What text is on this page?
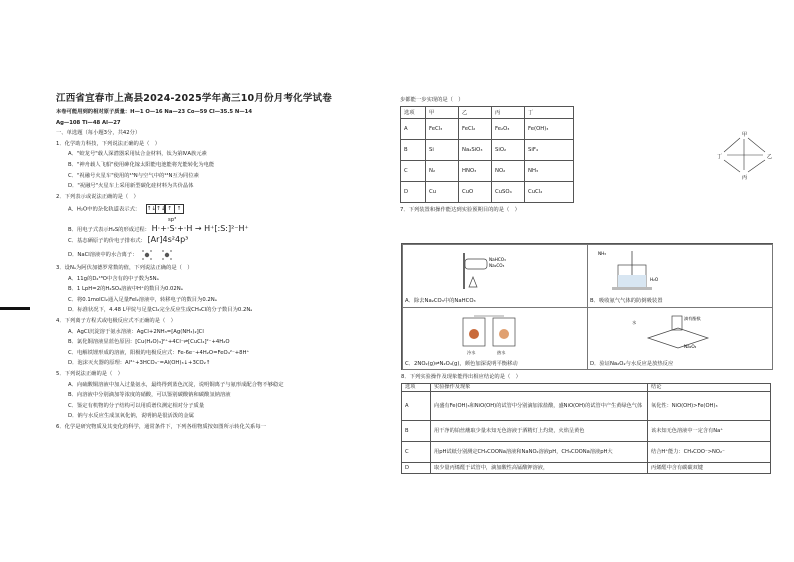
江西省宜春市上高县2024-2025学年高三10月份月考化学试卷
本卷可能用到的相对原子质量：H—1 O—16 Na—23 Co—59 Cl—35.5 N—14
Ag—108 Ti—48 Al—27
一、单选题（每小题3分，共42分）
1．化学助力科技，下列说法正确的是（　）
A．"蛟龙号"载人深潜器采用钛合金材料，钛为第ⅣA族元素
B．"神舟载人飞船"使用砷化镓太阳能电池能将光能转化为电能
C．"祝融号火星车"使用的¹⁵N与空气中的¹⁴N互为同位素
D．"祝融号"火星车上采用新型碳化硅材料为共价晶体
2．下列表示或说法正确的是（　）
A．H₂O中的杂化轨道表示式： ↑↓↑↓ ↑ ↑
sp³
B．用电子式表示H₂S的形成过程： H·+·S·+·H → H⁺[:S:]²⁻H⁺
C．基态硒原子的价电子排布式： [Ar]4s²4p³
D．NaCl溶液中的水合离子：
3．设Nₐ为阿伏加德罗常数的值，下列说法正确的是（　）
A．11g的D₂¹⁸O中含有的中子数为5Nₐ
B．1 LpH=2的H₂SO₄溶液中H⁺的数目为0.02Nₐ
C．将0.1molCl₂通入足量FeI₂溶液中，转移电子的数目为0.2Nₐ
D．标准状况下，4.48 L甲烷与足量Cl₂完全反应生成CH₃Cl的分子数目为0.2Nₐ
4．下列离子方程式或电极反应式不正确的是（　）
A．AgCl沉淀溶于氨水溶液：AgCl+2NH₃=[Ag(NH₃)₂]Cl
B．氯化铜溶液显蓝色原因：[Cu(H₂O)₄]²⁺+4Cl⁻⇌[CuCl₄]²⁻+4H₂O
C．电解铁锂形成的溶液，阳极的电极反应式：Fe-6e⁻+4H₂O=FeO₄²⁻+8H⁺
D．泡沫灭火器的原理：Al³⁺+3HCO₃⁻=Al(OH)₃↓+3CO₂↑
5．下列说法正确的是（　）
A．向硫酸铜溶液中加入过量氨水，最终得到蓝色沉淀，说明铜离子与氨形成配合物不够稳定
B．向溶液中分别滴加等浓度的硝酸，可以鉴别碳酸钠和碳酸氢钠溶液
C．鉴定有机物的分子结构可以用质谱仪测定相对分子质量
D．钠与水反应生成氢氧化钠，说明钠是很活泼的金属
6．化学是研究物质及其变化的科学，通常条件下，下列各组物质按如图所示转化关系每一
步都能一步实现的是（　）
选项	甲	乙	丙	丁
A	FeCl₃	FeCl₂	Fe₂O₃	Fe(OH)₃
B	Si	Na₂SiO₃	SiO₂	SiF₄
C	N₂	HNO₃	NO₂	NH₃
D	Cu	CuO	CuSO₄	CuCl₂
7．下列装置和操作能达到实验预期目的的是（　）
甲
乙
丙
丁
NaHCO₃
Na₂CO₃
A．除去Na₂CO₃中的NaHCO₃
NH₃
H₂O
B．吸收氨气气体的防倒吸装置
冷水	热水
C．2NO₂(g)⇌N₂O₄(g)，颜色加深说明平衡移动
水
滴有酚酞
Na₂O₂
D．验证Na₂O₂与水反应是放热反应
8．下列实验操作及现象能得出相应结论的是（　）
选项	实验操作及现象	结论
A	向盛有Fe(OH)₃和NiO(OH)的试管中分别滴加浓盐酸，盛NiO(OH)的试管中产生黄绿色气体	氧化性：NiO(OH)>Fe(OH)₃
B	用干净的铂丝蘸取少量未知无色溶液于酒精灯上灼烧，火焰呈黄色	该未知无色溶液中一定含有Na⁺
C	用pH试纸分别测定CH₃COONa溶液和NaNO₂溶液pH，CH₃COONa溶液pH大	结合H⁺能力：CH₃COO⁻>NO₂⁻
D	取少量丙烯醛于试管中，滴加酸性高锰酸钾溶液，	丙烯醛中含有碳碳双键
